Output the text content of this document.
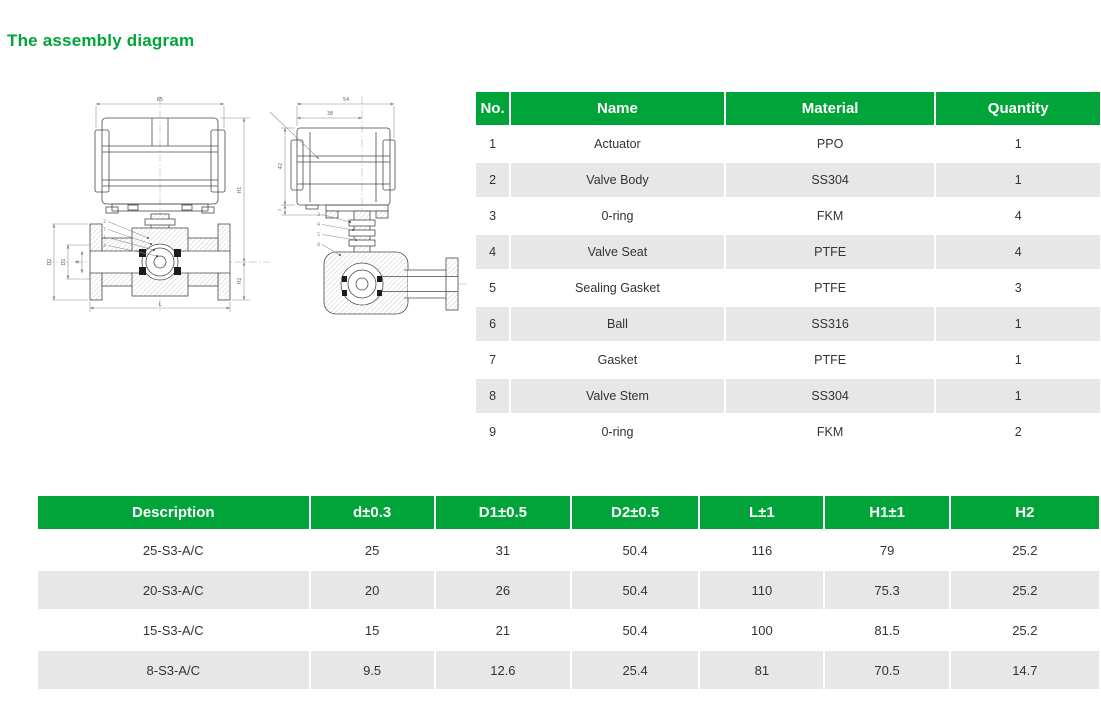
The assembly diagram
65
H1
H2
D2 D1 d
L
2
7
1
4
54
38
42
7
3
9
5
8
No.	Name	Material	Quantity
1	Actuator	PPO	1
2	Valve Body	SS304	1
3	0-ring	FKM	4
4	Valve Seat	PTFE	4
5	Sealing Gasket	PTFE	3
6	Ball	SS316	1
7	Gasket	PTFE	1
8	Valve Stem	SS304	1
9	0-ring	FKM	2
Description	d±0.3	D1±0.5	D2±0.5	L±1	H1±1	H2
25-S3-A/C	25	31	50.4	116	79	25.2
20-S3-A/C	20	26	50.4	110	75.3	25.2
15-S3-A/C	15	21	50.4	100	81.5	25.2
8-S3-A/C	9.5	12.6	25.4	81	70.5	14.7
